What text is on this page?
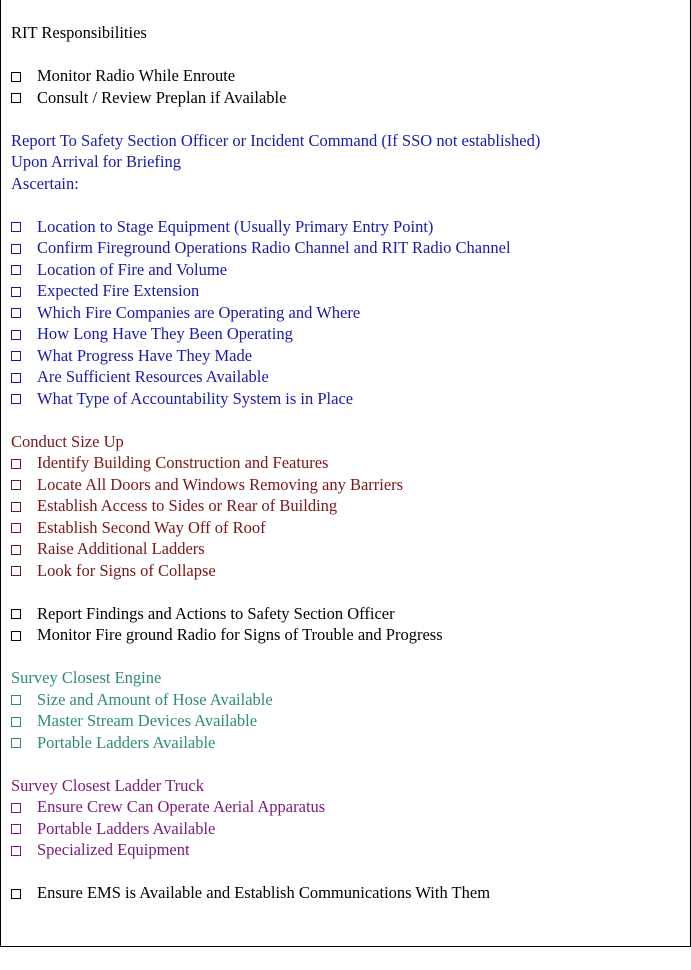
RIT Responsibilities
Monitor Radio While Enroute
Consult / Review Preplan if Available
Report To Safety Section Officer or Incident Command (If SSO not established)
Upon Arrival for Briefing
Ascertain:
Location to Stage Equipment (Usually Primary Entry Point)
Confirm Fireground Operations Radio Channel and RIT Radio Channel
Location of Fire and Volume
Expected Fire Extension
Which Fire Companies are Operating and Where
How Long Have They Been Operating
What Progress Have They Made
Are Sufficient Resources Available
What Type of Accountability System is in Place
Conduct Size Up
Identify Building Construction and Features
Locate All Doors and Windows Removing any Barriers
Establish Access to Sides or Rear of Building
Establish Second Way Off of Roof
Raise Additional Ladders
Look for Signs of Collapse
Report Findings and Actions to Safety Section Officer
Monitor Fire ground Radio for Signs of Trouble and Progress
Survey Closest Engine
Size and Amount of Hose Available
Master Stream Devices Available
Portable Ladders Available
Survey Closest Ladder Truck
Ensure Crew Can Operate Aerial Apparatus
Portable Ladders Available
Specialized Equipment
Ensure EMS is Available and Establish Communications With Them
